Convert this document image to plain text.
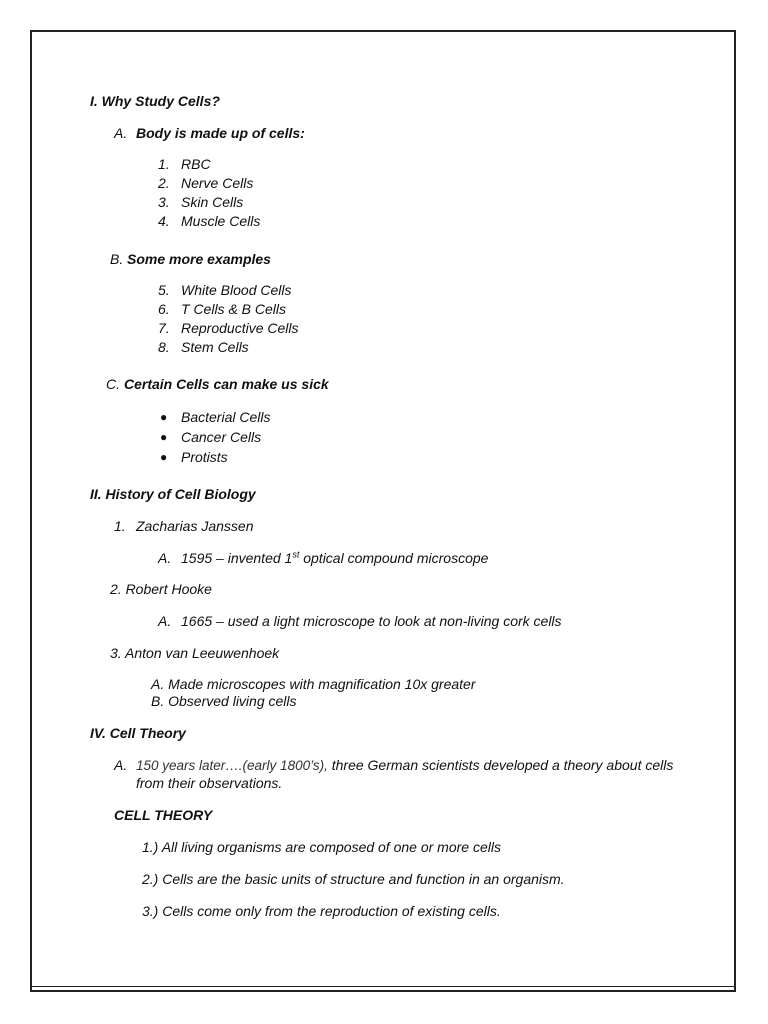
I. Why Study Cells?
A. Body is made up of cells:
1. RBC
2. Nerve Cells
3. Skin Cells
4. Muscle Cells
B. Some more examples
5. White Blood Cells
6. T Cells & B Cells
7. Reproductive Cells
8. Stem Cells
C. Certain Cells can make us sick
● Bacterial Cells
● Cancer Cells
● Protists
II. History of Cell Biology
1. Zacharias Janssen
A. 1595 – invented 1st optical compound microscope
2. Robert Hooke
A. 1665 – used a light microscope to look at non-living cork cells
3. Anton van Leeuwenhoek
A. Made microscopes with magnification 10x greater
B. Observed living cells
IV. Cell Theory
A. 150 years later….(early 1800’s), three German scientists developed a theory about cells
from their observations.
CELL THEORY
1.) All living organisms are composed of one or more cells
2.) Cells are the basic units of structure and function in an organism.
3.) Cells come only from the reproduction of existing cells.
